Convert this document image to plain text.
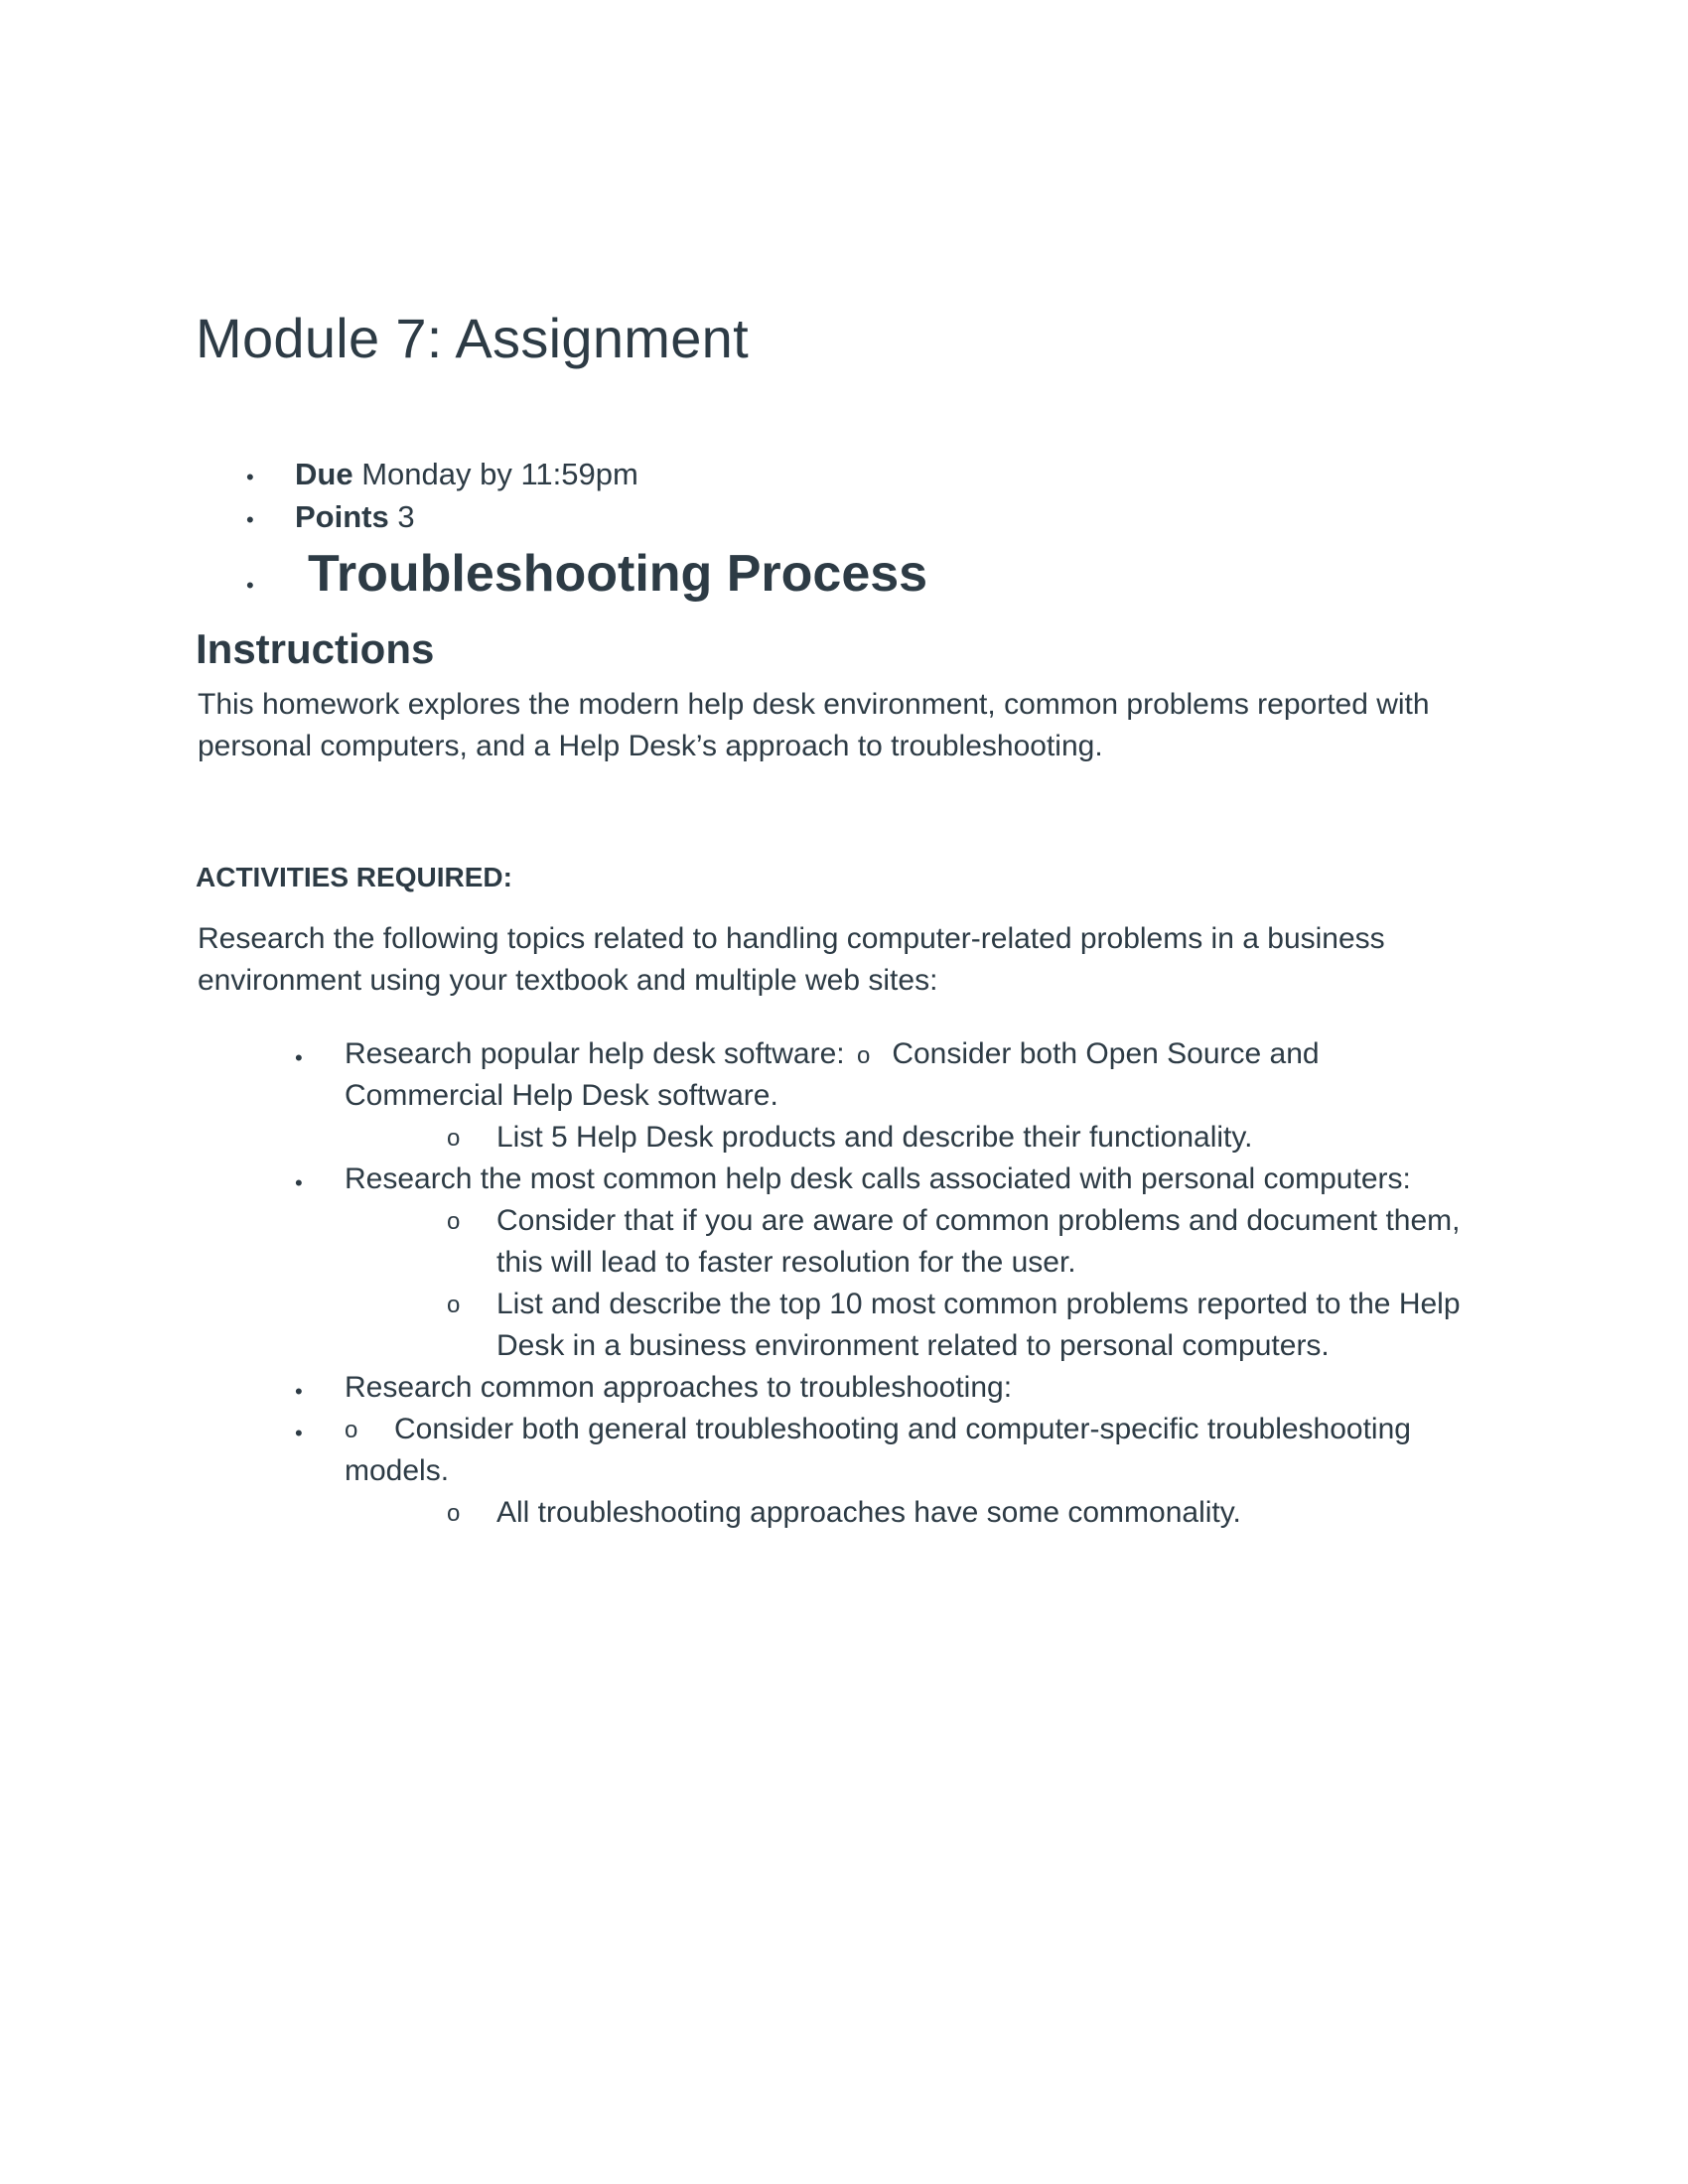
Module 7: Assignment
• Due Monday by 11:59pm
• Points 3
• Troubleshooting Process
Instructions
This homework explores the modern help desk environment, common problems reported with
personal computers, and a Help Desk’s approach to troubleshooting.
ACTIVITIES REQUIRED:
Research the following topics related to handling computer-related problems in a business
environment using your textbook and multiple web sites:
• Research popular help desk software: o Consider both Open Source and
Commercial Help Desk software.
o List 5 Help Desk products and describe their functionality.
• Research the most common help desk calls associated with personal computers:
o Consider that if you are aware of common problems and document them,
this will lead to faster resolution for the user.
o List and describe the top 10 most common problems reported to the Help
Desk in a business environment related to personal computers.
• Research common approaches to troubleshooting:
• o Consider both general troubleshooting and computer-specific troubleshooting
models.
o All troubleshooting approaches have some commonality.
